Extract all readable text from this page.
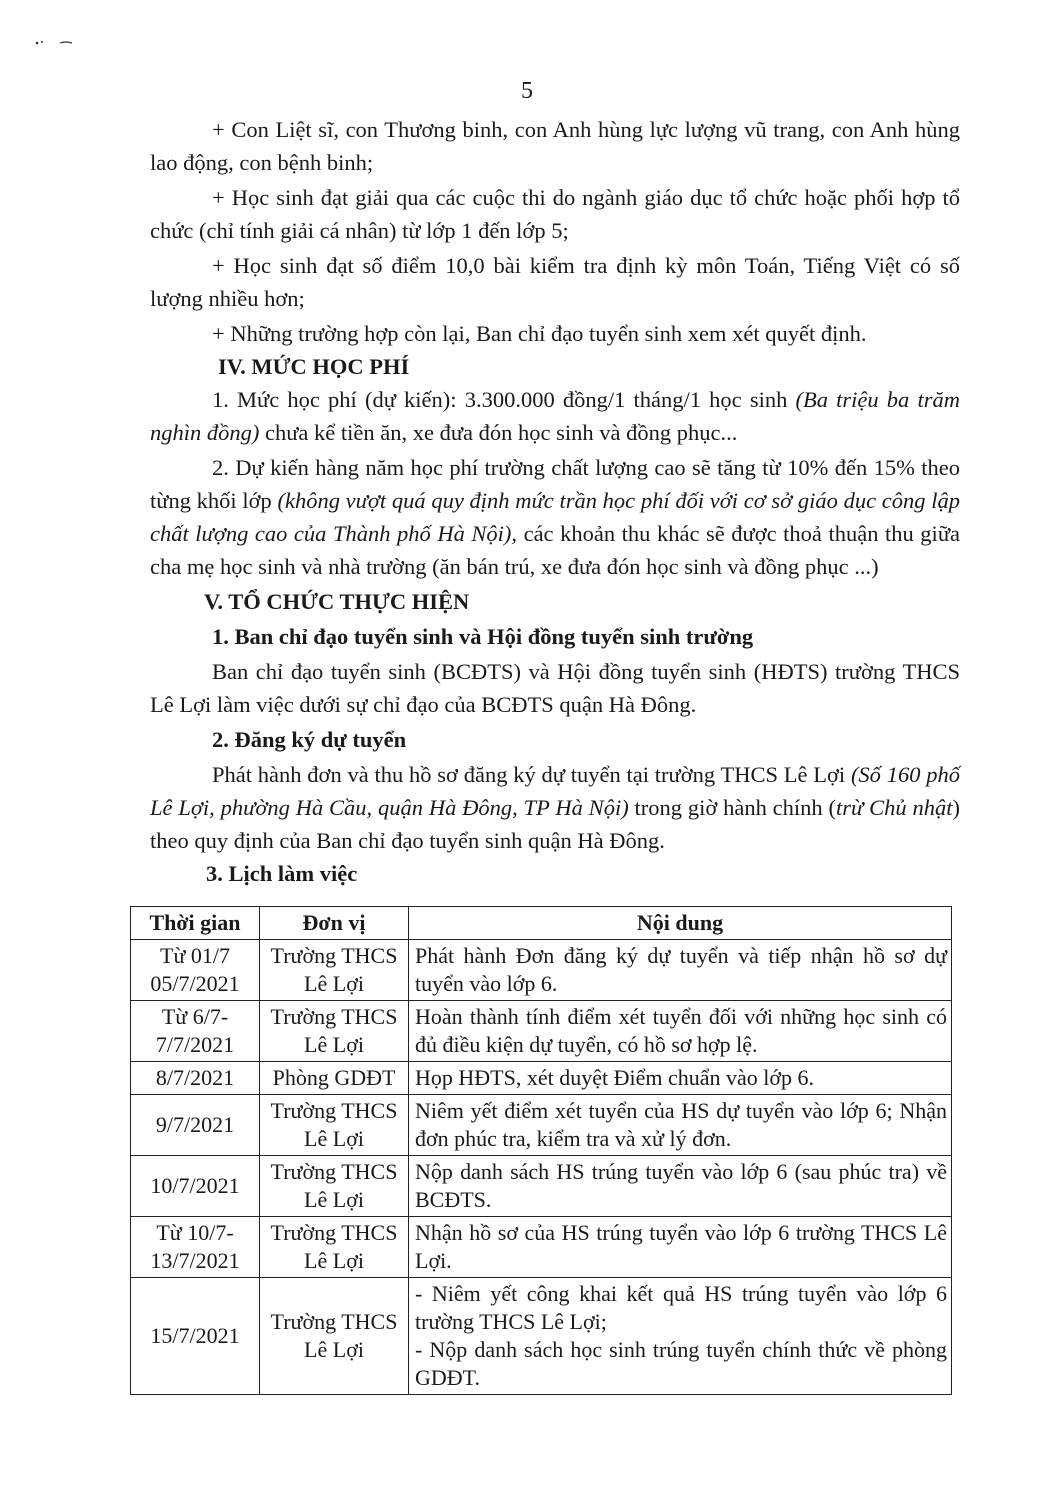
5

+ Con Liệt sĩ, con Thương binh, con Anh hùng lực lượng vũ trang, con Anh hùng lao động, con bệnh binh;

+ Học sinh đạt giải qua các cuộc thi do ngành giáo dục tổ chức hoặc phối hợp tổ chức (chỉ tính giải cá nhân) từ lớp 1 đến lớp 5;

+ Học sinh đạt số điểm 10,0 bài kiểm tra định kỳ môn Toán, Tiếng Việt có số lượng nhiều hơn;

+ Những trường hợp còn lại, Ban chỉ đạo tuyển sinh xem xét quyết định.

IV. MỨC HỌC PHÍ

1. Mức học phí (dự kiến): 3.300.000 đồng/1 tháng/1 học sinh (Ba triệu ba trăm nghìn đồng) chưa kể tiền ăn, xe đưa đón học sinh và đồng phục...

2. Dự kiến hàng năm học phí trường chất lượng cao sẽ tăng từ 10% đến 15% theo từng khối lớp (không vượt quá quy định mức trần học phí đối với cơ sở giáo dục công lập chất lượng cao của Thành phố Hà Nội), các khoản thu khác sẽ được thoả thuận thu giữa cha mẹ học sinh và nhà trường (ăn bán trú, xe đưa đón học sinh và đồng phục ...)

V. TỔ CHỨC THỰC HIỆN

1. Ban chỉ đạo tuyển sinh và Hội đồng tuyển sinh trường

Ban chỉ đạo tuyển sinh (BCĐTS) và Hội đồng tuyển sinh (HĐTS) trường THCS Lê Lợi làm việc dưới sự chỉ đạo của BCĐTS quận Hà Đông.

2. Đăng ký dự tuyển

Phát hành đơn và thu hồ sơ đăng ký dự tuyển tại trường THCS Lê Lợi (Số 160 phố Lê Lợi, phường Hà Cầu, quận Hà Đông, TP Hà Nội) trong giờ hành chính (trừ Chủ nhật) theo quy định của Ban chỉ đạo tuyển sinh quận Hà Đông.

3. Lịch làm việc

Thời gian	Đơn vị	Nội dung
Từ 01/7 05/7/2021	Trường THCS Lê Lợi	Phát hành Đơn đăng ký dự tuyển và tiếp nhận hồ sơ dự tuyển vào lớp 6.
Từ 6/7- 7/7/2021	Trường THCS Lê Lợi	Hoàn thành tính điểm xét tuyển đối với những học sinh có đủ điều kiện dự tuyển, có hồ sơ hợp lệ.
8/7/2021	Phòng GDĐT	Họp HĐTS, xét duyệt Điểm chuẩn vào lớp 6.
9/7/2021	Trường THCS Lê Lợi	Niêm yết điểm xét tuyển của HS dự tuyển vào lớp 6; Nhận đơn phúc tra, kiểm tra và xử lý đơn.
10/7/2021	Trường THCS Lê Lợi	Nộp danh sách HS trúng tuyển vào lớp 6 (sau phúc tra) về BCĐTS.
Từ 10/7- 13/7/2021	Trường THCS Lê Lợi	Nhận hồ sơ của HS trúng tuyển vào lớp 6 trường THCS Lê Lợi.
15/7/2021	Trường THCS Lê Lợi	- Niêm yết công khai kết quả HS trúng tuyển vào lớp 6 trường THCS Lê Lợi;
- Nộp danh sách học sinh trúng tuyển chính thức về phòng GDĐT.
